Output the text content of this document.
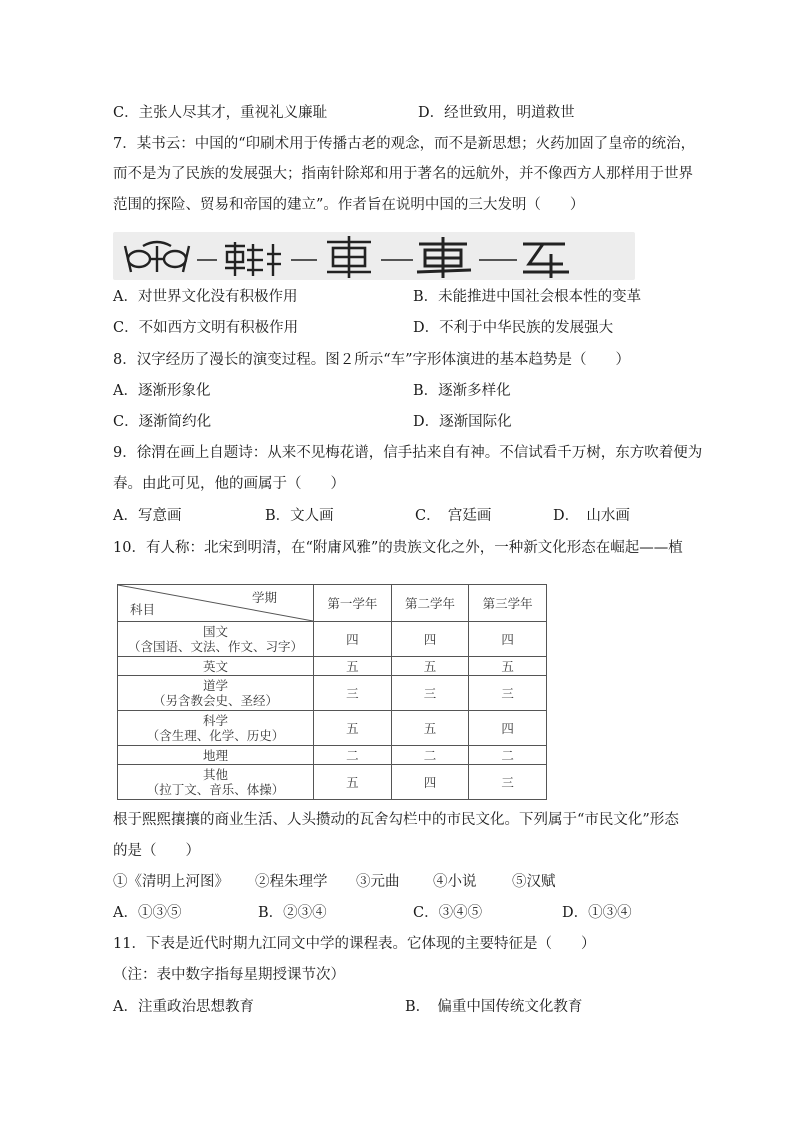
C．主张人尽其才，重视礼义廉耻	D．经世致用，明道救世
7．某书云：中国的“印刷术用于传播古老的观念，而不是新思想；火药加固了皇帝的统治，
而不是为了民族的发展强大；指南针除郑和用于著名的远航外，并不像西方人那样用于世界
范围的探险、贸易和帝国的建立”。作者旨在说明中国的三大发明（　　）
A．对世界文化没有积极作用	B．未能推进中国社会根本性的变革
C．不如西方文明有积极作用	D．不利于中华民族的发展强大
8．汉字经历了漫长的演变过程。图２所示“车”字形体演进的基本趋势是（　　）
A．逐渐形象化	B．逐渐多样化
C．逐渐简约化	D．逐渐国际化
9．徐渭在画上自题诗：从来不见梅花谱，信手拈来自有神。不信试看千万树，东方吹着便为
春。由此可见，他的画属于（　　）
A．写意画	B．文人画	C．　宫廷画	D．　山水画
10．有人称：北宋到明清，在“附庸风雅”的贵族文化之外，一种新文化形态在崛起——植
学期
科目	第一学年	第二学年	第三学年

国文
（含国语、文法、作文、习字）	四	四	四

英文	五	五	五

道学
（另含教会史、圣经）	三	三	三

科学
（含生理、化学、历史）	五	五	四

地理	二	二	二

其他
（拉丁文、音乐、体操）	五	四	三
根于熙熙攘攘的商业生活、人头攒动的瓦舍勾栏中的市民文化。下列属于“市民文化”形态
的是（　　）
①《清明上河图》 ②程朱理学 ③元曲 ④小说 ⑤汉赋
A．①③⑤	B．②③④	C．③④⑤	D．①③④
11．下表是近代时期九江同文中学的课程表。它体现的主要特征是（　　）
（注：表中数字指每星期授课节次）
A．注重政治思想教育	B．　偏重中国传统文化教育
